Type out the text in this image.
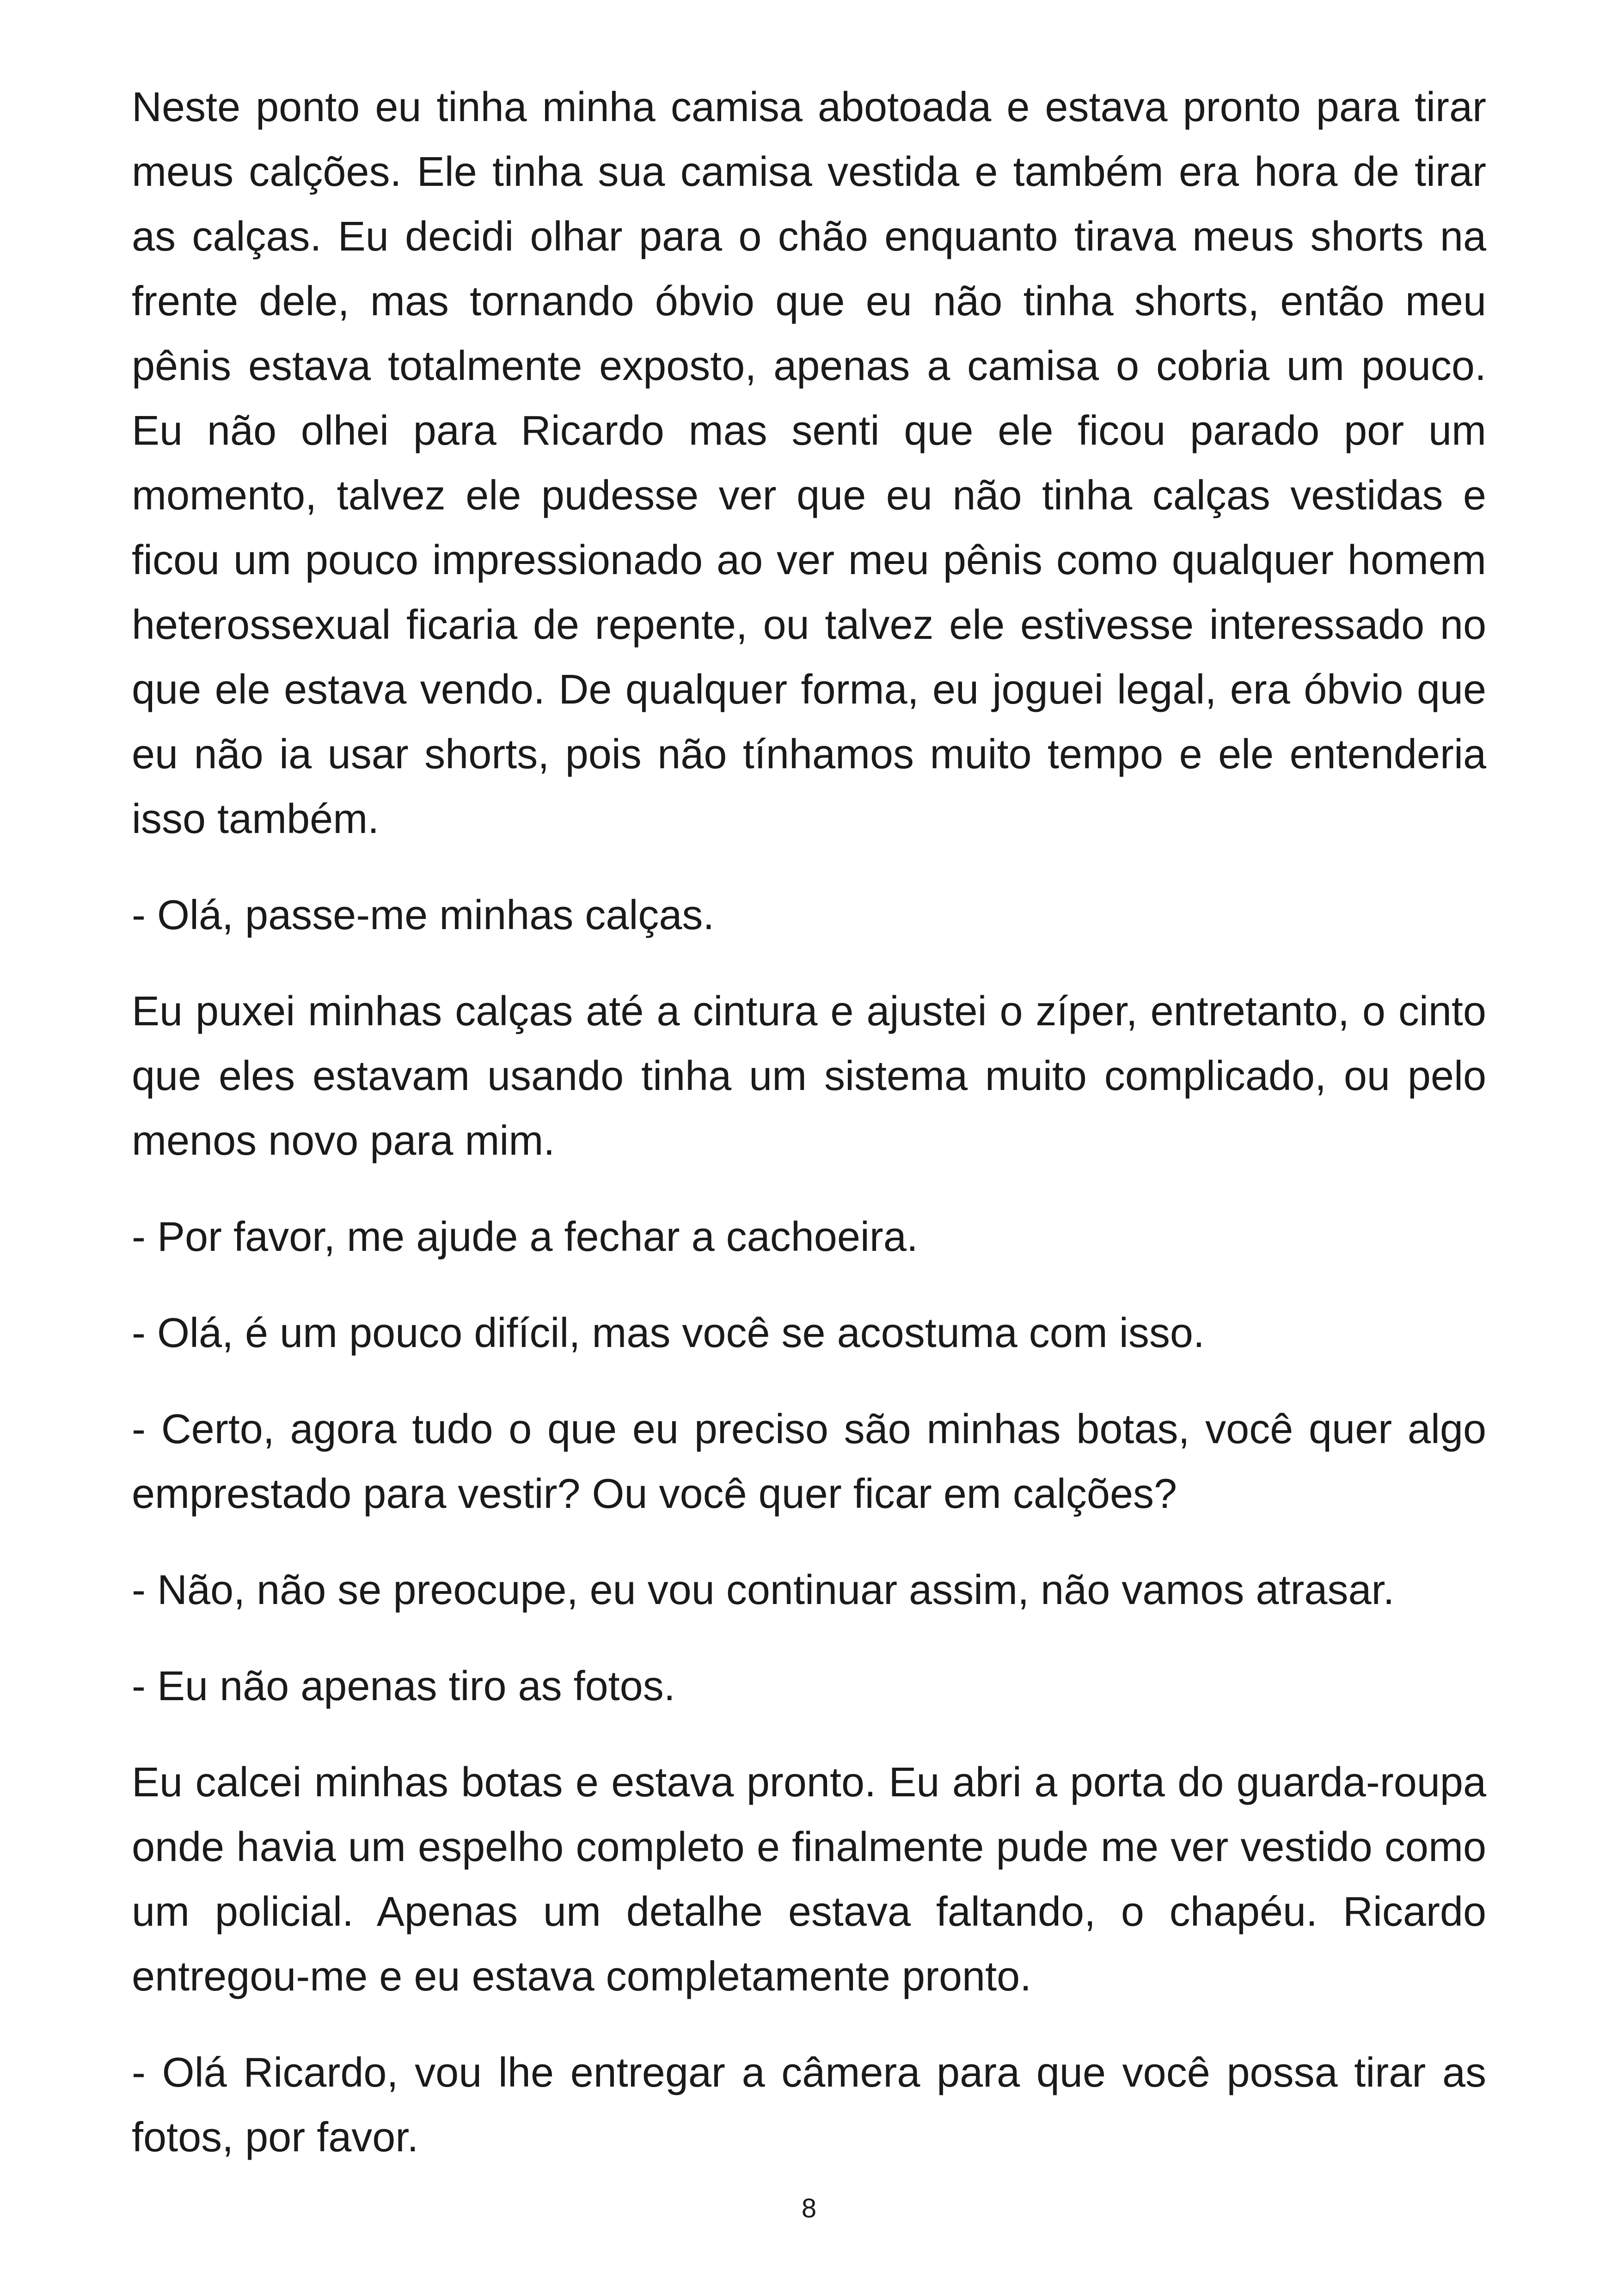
Neste ponto eu tinha minha camisa abotoada e estava pronto para tirar meus calções. Ele tinha sua camisa vestida e também era hora de tirar as calças. Eu decidi olhar para o chão enquanto tirava meus shorts na frente dele, mas tornando óbvio que eu não tinha shorts, então meu pênis estava totalmente exposto, apenas a camisa o cobria um pouco. Eu não olhei para Ricardo mas senti que ele ficou parado por um momento, talvez ele pudesse ver que eu não tinha calças vestidas e ficou um pouco impressionado ao ver meu pênis como qualquer homem heterossexual ficaria de repente, ou talvez ele estivesse interessado no que ele estava vendo. De qualquer forma, eu joguei legal, era óbvio que eu não ia usar shorts, pois não tínhamos muito tempo e ele entenderia isso também.

- Olá, passe-me minhas calças.

Eu puxei minhas calças até a cintura e ajustei o zíper, entretanto, o cinto que eles estavam usando tinha um sistema muito complicado, ou pelo menos novo para mim.

- Por favor, me ajude a fechar a cachoeira.

- Olá, é um pouco difícil, mas você se acostuma com isso.

- Certo, agora tudo o que eu preciso são minhas botas, você quer algo emprestado para vestir? Ou você quer ficar em calções?

- Não, não se preocupe, eu vou continuar assim, não vamos atrasar.

- Eu não apenas tiro as fotos.

Eu calcei minhas botas e estava pronto. Eu abri a porta do guarda-roupa onde havia um espelho completo e finalmente pude me ver vestido como um policial. Apenas um detalhe estava faltando, o chapéu. Ricardo entregou-me e eu estava completamente pronto.

- Olá Ricardo, vou lhe entregar a câmera para que você possa tirar as fotos, por favor.

8
